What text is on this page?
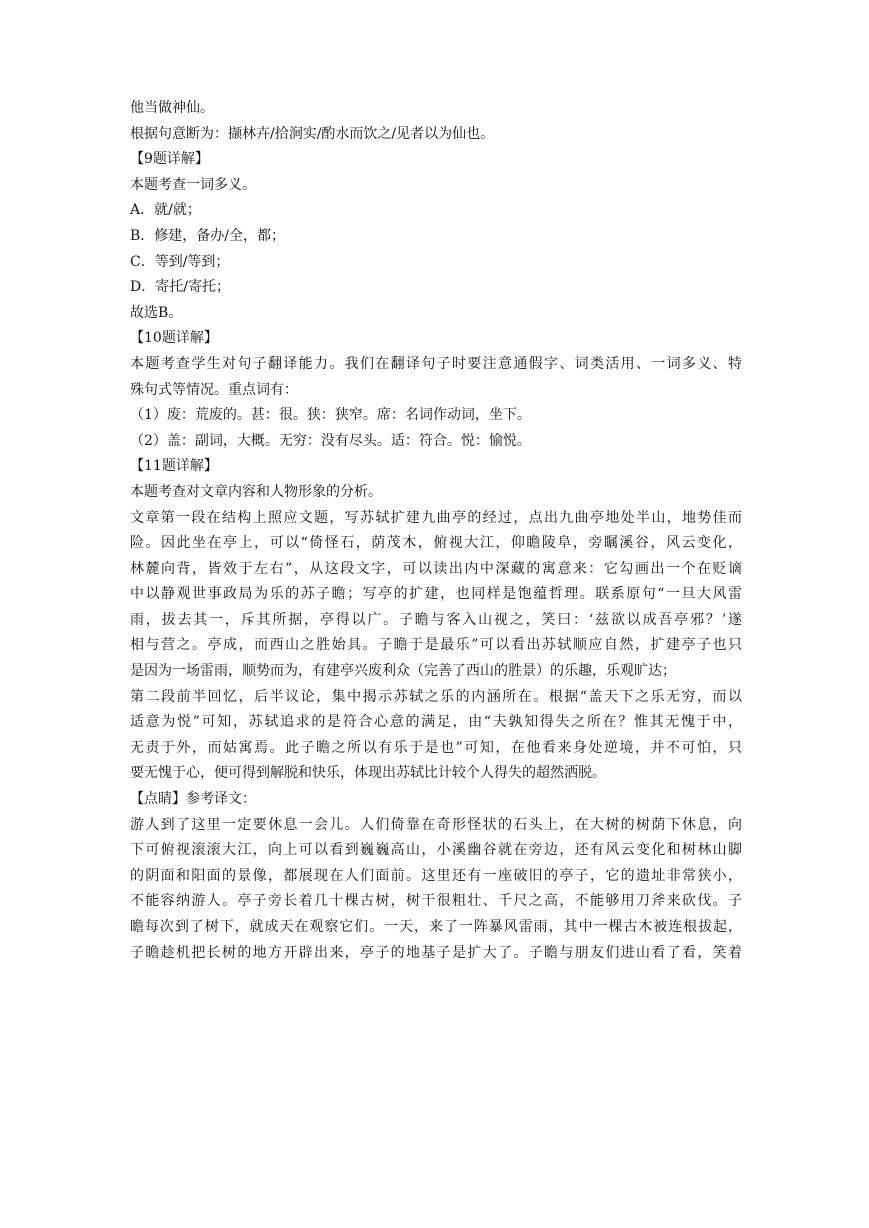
他当做神仙。

根据句意断为：撷林卉/拾涧实/酌水而饮之/见者以为仙也。

【9题详解】

本题考查一词多义。

A．就/就；

B．修建，备办/全，都；

C．等到/等到；

D．寄托/寄托；

故选B。

【10题详解】

本题考查学生对句子翻译能力。我们在翻译句子时要注意通假字、词类活用、一词多义、特

殊句式等情况。重点词有：

（1）废：荒废的。甚：很。狭：狭窄。席：名词作动词，坐下。

（2）盖：副词，大概。无穷：没有尽头。适：符合。悦：愉悦。

【11题详解】

本题考查对文章内容和人物形象的分析。

文章第一段在结构上照应文题，写苏轼扩建九曲亭的经过，点出九曲亭地处半山，地势佳而

险。因此坐在亭上，可以“倚怪石，荫茂木，俯视大江，仰瞻陵阜，旁瞩溪谷，风云变化，

林麓向背，皆效于左右”，从这段文字，可以读出内中深藏的寓意来：它勾画出一个在贬谪

中以静观世事政局为乐的苏子瞻；写亭的扩建，也同样是饱蕴哲理。联系原句“一旦大风雷

雨，拔去其一，斥其所据，亭得以广。子瞻与客入山视之，笑曰：‘兹欲以成吾亭邪？’遂

相与营之。亭成，而西山之胜始具。子瞻于是最乐”可以看出苏轼顺应自然，扩建亭子也只

是因为一场雷雨，顺势而为，有建亭兴废利众（完善了西山的胜景）的乐趣，乐观旷达；

第二段前半回忆，后半议论，集中揭示苏轼之乐的内涵所在。根据“盖天下之乐无穷，而以

适意为悦”可知，苏轼追求的是符合心意的满足，由“夫孰知得失之所在？惟其无愧于中，

无责于外，而姑寓焉。此子瞻之所以有乐于是也”可知，在他看来身处逆境，并不可怕，只

要无愧于心，便可得到解脱和快乐，体现出苏轼比计较个人得失的超然洒脱。

【点睛】参考译文：

游人到了这里一定要休息一会儿。人们倚靠在奇形怪状的石头上，在大树的树荫下休息，向

下可俯视滚滚大江，向上可以看到巍巍高山，小溪幽谷就在旁边，还有风云变化和树林山脚

的阴面和阳面的景像，都展现在人们面前。这里还有一座破旧的亭子，它的遗址非常狭小，

不能容纳游人。亭子旁长着几十棵古树，树干很粗壮、千尺之高，不能够用刀斧来砍伐。子

瞻每次到了树下，就成天在观察它们。一天，来了一阵暴风雷雨，其中一棵古木被连根拔起，

子瞻趁机把长树的地方开辟出来，亭子的地基子是扩大了。子瞻与朋友们进山看了看，笑着
